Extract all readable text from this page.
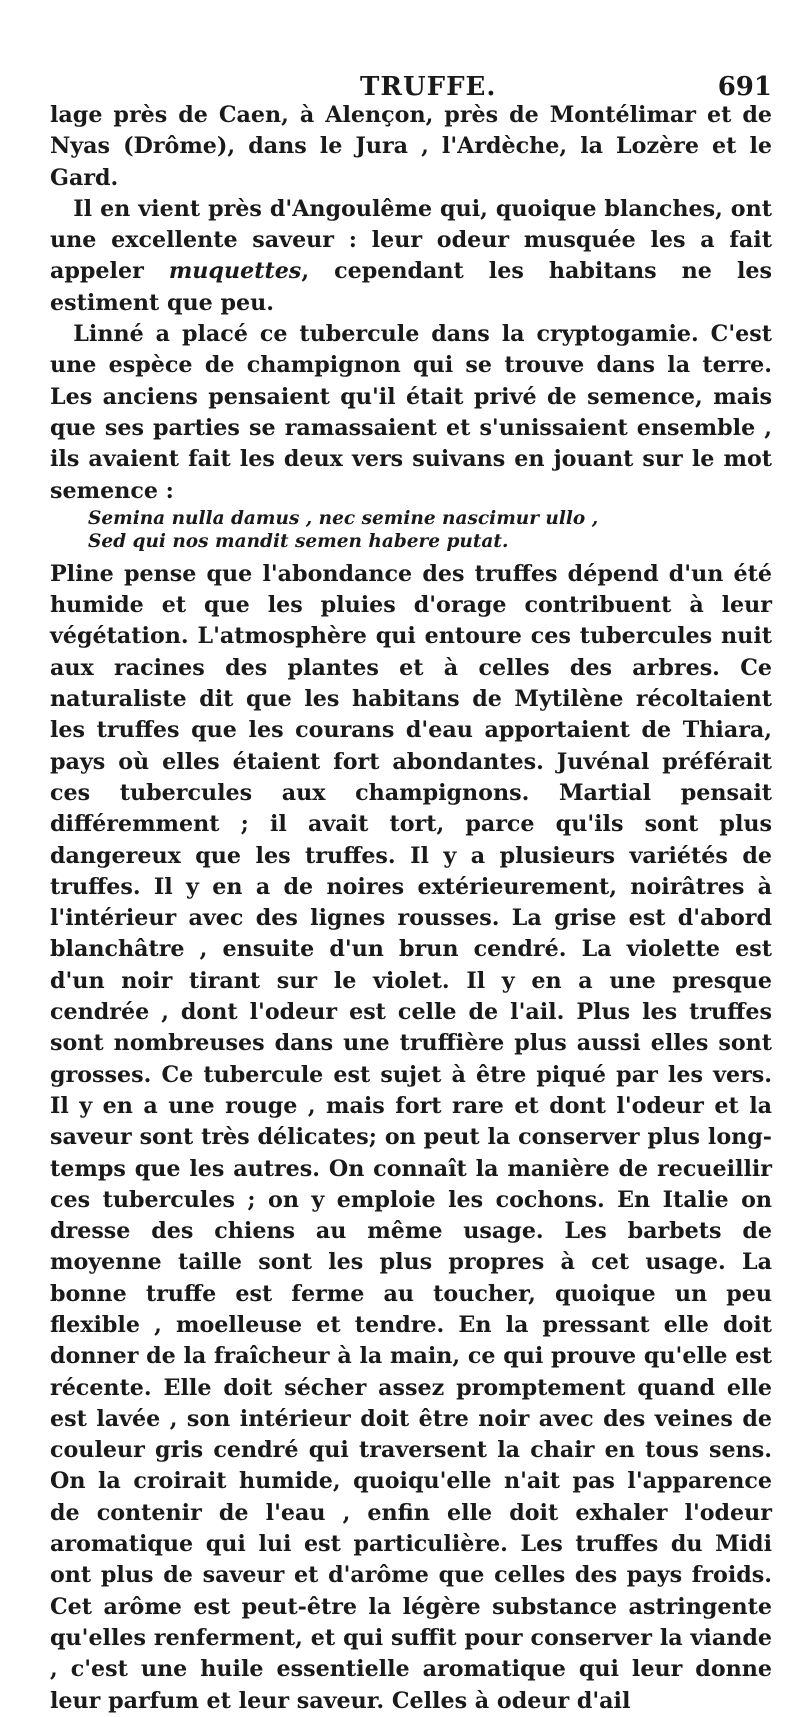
TRUFFE.	691

lage près de Caen, à Alençon, près de Montélimar et de Nyas (Drôme), dans le Jura , l'Ardèche, la Lozère et le Gard.

Il en vient près d'Angoulême qui, quoique blanches, ont une excellente saveur : leur odeur musquée les a fait appeler muquettes, cependant les habitans ne les estiment que peu.

Linné a placé ce tubercule dans la cryptogamie. C'est une espèce de champignon qui se trouve dans la terre. Les anciens pensaient qu'il était privé de semence, mais que ses parties se ramassaient et s'unissaient ensemble , ils avaient fait les deux vers suivans en jouant sur le mot semence :

Semina nulla damus , nec semine nascimur ullo ,
Sed qui nos mandit semen habere putat.

Pline pense que l'abondance des truffes dépend d'un été humide et que les pluies d'orage contribuent à leur végétation. L'atmosphère qui entoure ces tubercules nuit aux racines des plantes et à celles des arbres. Ce naturaliste dit que les habitans de Mytilène récoltaient les truffes que les courans d'eau apportaient de Thiara, pays où elles étaient fort abondantes. Juvénal préférait ces tubercules aux champignons. Martial pensait différemment ; il avait tort, parce qu'ils sont plus dangereux que les truffes. Il y a plusieurs variétés de truffes. Il y en a de noires extérieurement, noirâtres à l'intérieur avec des lignes rousses. La grise est d'abord blanchâtre , ensuite d'un brun cendré. La violette est d'un noir tirant sur le violet. Il y en a une presque cendrée , dont l'odeur est celle de l'ail. Plus les truffes sont nombreuses dans une truffière plus aussi elles sont grosses. Ce tubercule est sujet à être piqué par les vers. Il y en a une rouge , mais fort rare et dont l'odeur et la saveur sont très délicates; on peut la conserver plus long-temps que les autres. On connaît la manière de recueillir ces tubercules ; on y emploie les cochons. En Italie on dresse des chiens au même usage. Les barbets de moyenne taille sont les plus propres à cet usage. La bonne truffe est ferme au toucher, quoique un peu flexible , moelleuse et tendre. En la pressant elle doit donner de la fraîcheur à la main, ce qui prouve qu'elle est récente. Elle doit sécher assez promptement quand elle est lavée , son intérieur doit être noir avec des veines de couleur gris cendré qui traversent la chair en tous sens. On la croirait humide, quoiqu'elle n'ait pas l'apparence de contenir de l'eau , enfin elle doit exhaler l'odeur aromatique qui lui est particulière. Les truffes du Midi ont plus de saveur et d'arôme que celles des pays froids. Cet arôme est peut-être la légère substance astringente qu'elles renferment, et qui suffit pour conserver la viande , c'est une huile essentielle aromatique qui leur donne leur parfum et leur saveur. Celles à odeur d'ail
